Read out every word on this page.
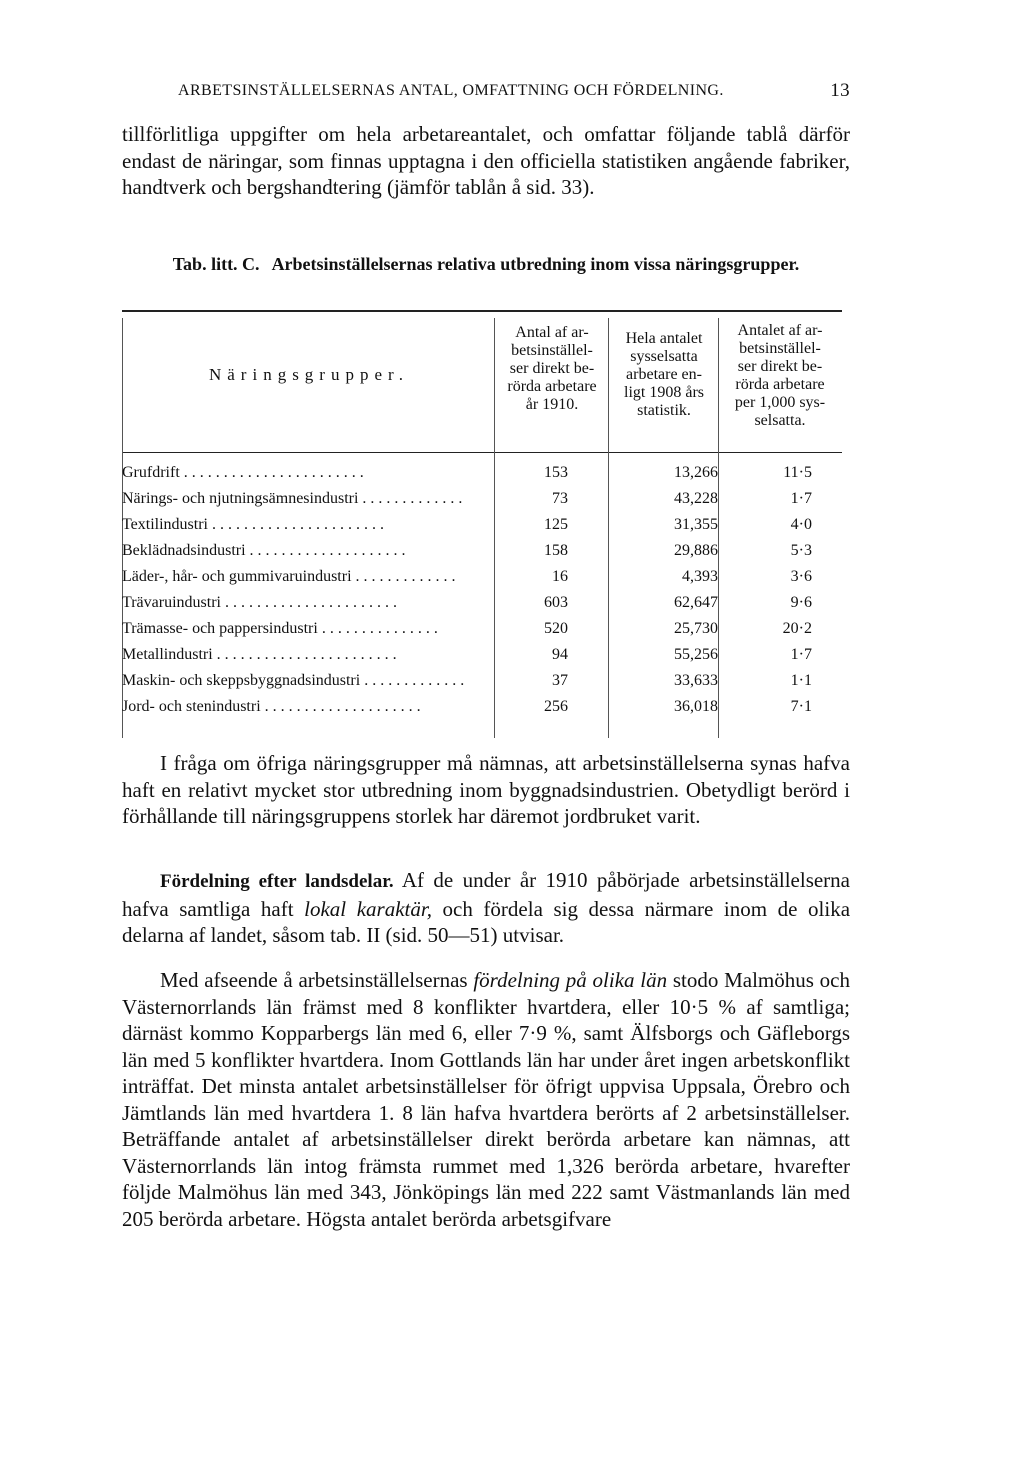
ARBETSINSTÄLLELSERNAS ANTAL, OMFATTNING OCH FÖRDELNING.	13

tillförlitliga uppgifter om hela arbetareantalet, och omfattar följande tablå därför endast de näringar, som finnas upptagna i den officiella statistiken angående fabriker, handtverk och bergshandtering (jämför tablån å sid. 33).

Tab. litt. C. Arbetsinställelsernas relativa utbredning inom vissa näringsgrupper.
Näringsgrupper.
Antal af ar-
betsinställel-
ser direkt be-
rörda arbetare
år 1910.
Hela antalet
sysselsatta
arbetare en-
ligt 1908 års
statistik.
Antalet af ar-
betsinställel-
ser direkt be-
rörda arbetare
per 1,000 sys-
selsatta.
Grufdrift . . . . . . . . . . . . . . . . . . . . . . .	153	13,266	11·5
Närings- och njutningsämnesindustri . . . . . . . . . . . . .	73	43,228	1·7
Textilindustri . . . . . . . . . . . . . . . . . . . . . .	125	31,355	4·0
Beklädnadsindustri . . . . . . . . . . . . . . . . . . . .	158	29,886	5·3
Läder-, hår- och gummivaruindustri . . . . . . . . . . . . .	16	4,393	3·6
Trävaruindustri . . . . . . . . . . . . . . . . . . . . . .	603	62,647	9·6
Trämasse- och pappersindustri . . . . . . . . . . . . . . .	520	25,730	20·2
Metallindustri . . . . . . . . . . . . . . . . . . . . . . .	94	55,256	1·7
Maskin- och skeppsbyggnadsindustri . . . . . . . . . . . . .	37	33,633	1·1
Jord- och stenindustri . . . . . . . . . . . . . . . . . . . .	256	36,018	7·1

I fråga om öfriga näringsgrupper må nämnas, att arbetsinställelserna synas hafva haft en relativt mycket stor utbredning inom byggnadsindustrien. Obetydligt berörd i förhållande till näringsgruppens storlek har däremot jordbruket varit.

Fördelning efter landsdelar. Af de under år 1910 påbörjade arbetsinställelserna hafva samtliga haft lokal karaktär, och fördela sig dessa närmare inom de olika delarna af landet, såsom tab. II (sid. 50—51) utvisar.

Med afseende å arbetsinställelsernas fördelning på olika län stodo Malmöhus och Västernorrlands län främst med 8 konflikter hvartdera, eller 10·5 % af samtliga; därnäst kommo Kopparbergs län med 6, eller 7·9 %, samt Älfsborgs och Gäfleborgs län med 5 konflikter hvartdera. Inom Gottlands län har under året ingen arbetskonflikt inträffat. Det minsta antalet arbetsinställelser för öfrigt uppvisa Uppsala, Örebro och Jämtlands län med hvartdera 1. 8 län hafva hvartdera berörts af 2 arbetsinställelser. Beträffande antalet af arbetsinställelser direkt berörda arbetare kan nämnas, att Västernorrlands län intog främsta rummet med 1,326 berörda arbetare, hvarefter följde Malmöhus län med 343, Jönköpings län med 222 samt Västmanlands län med 205 berörda arbetare. Högsta antalet berörda arbetsgifvare
